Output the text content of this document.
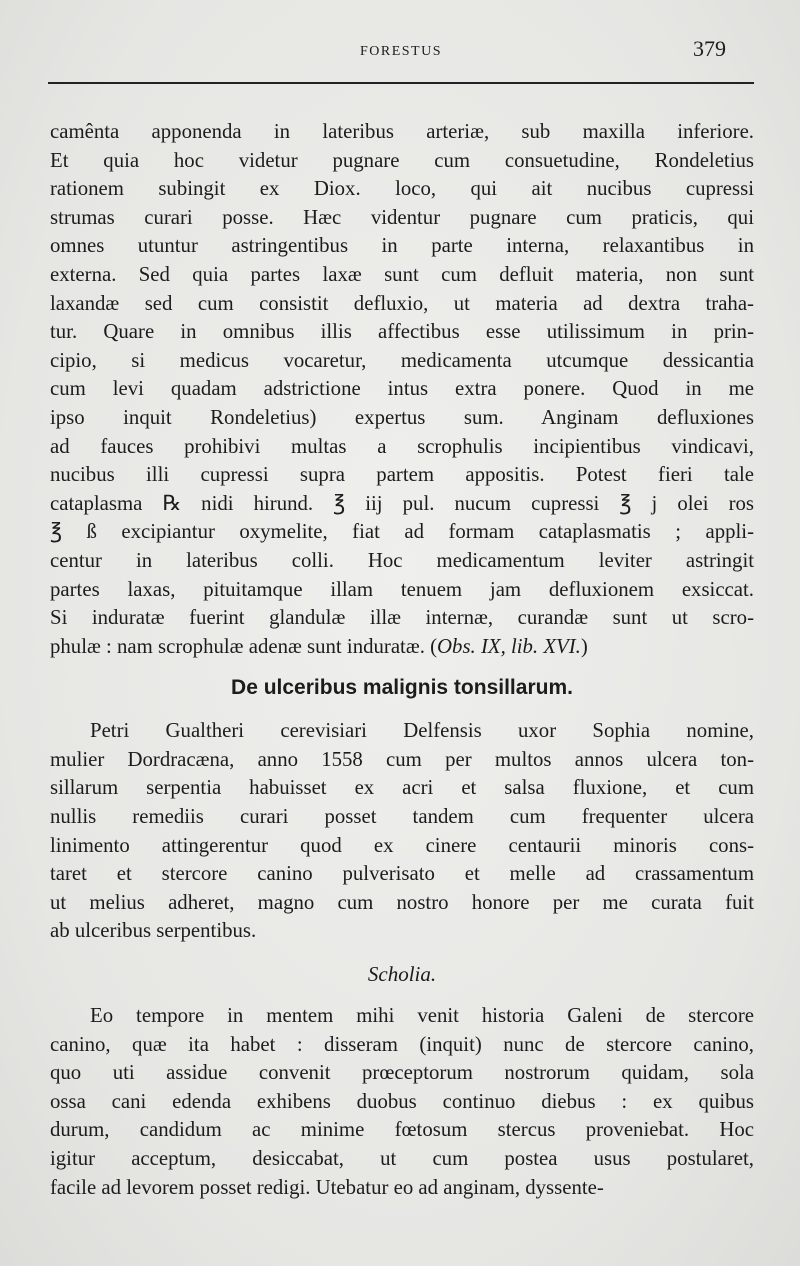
FORESTUS	379

camênta apponenda in lateribus arteriæ, sub maxilla inferiore.
Et quia hoc videtur pugnare cum consuetudine, Rondeletius
rationem subingit ex Diox. loco, qui ait nucibus cupressi
strumas curari posse. Hæc videntur pugnare cum praticis, qui
omnes utuntur astringentibus in parte interna, relaxantibus in
externa. Sed quia partes laxæ sunt cum defluit materia, non sunt
laxandæ sed cum consistit defluxio, ut materia ad dextra traha-
tur. Quare in omnibus illis affectibus esse utilissimum in prin-
cipio, si medicus vocaretur, medicamenta utcumque dessicantia
cum levi quadam adstrictione intus extra ponere. Quod in me
ipso inquit Rondeletius) expertus sum. Anginam defluxiones
ad fauces prohibivi multas a scrophulis incipientibus vindicavi,
nucibus illi cupressi supra partem appositis. Potest fieri tale
cataplasma ℞ nidi hirund. ℥ iij pul. nucum cupressi ℥ j olei ros
℥ ß excipiantur oxymelite, fiat ad formam cataplasmatis ; appli-
centur in lateribus colli. Hoc medicamentum leviter astringit
partes laxas, pituitamque illam tenuem jam defluxionem exsiccat.
Si induratæ fuerint glandulæ illæ internæ, curandæ sunt ut scro-
phulæ : nam scrophulæ adenæ sunt induratæ. (Obs. IX, lib. XVI.)

De ulceribus malignis tonsillarum.

Petri Gualtheri cerevisiari Delfensis uxor Sophia nomine,
mulier Dordracæna, anno 1558 cum per multos annos ulcera ton-
sillarum serpentia habuisset ex acri et salsa fluxione, et cum
nullis remediis curari posset tandem cum frequenter ulcera
linimento attingerentur quod ex cinere centaurii minoris cons-
taret et stercore canino pulverisato et melle ad crassamentum
ut melius adheret, magno cum nostro honore per me curata fuit
ab ulceribus serpentibus.

Scholia.

Eo tempore in mentem mihi venit historia Galeni de stercore
canino, quæ ita habet : disseram (inquit) nunc de stercore canino,
quo uti assidue convenit prœceptorum nostrorum quidam, sola
ossa cani edenda exhibens duobus continuo diebus : ex quibus
durum, candidum ac minime fœtosum stercus proveniebat. Hoc
igitur acceptum, desiccabat, ut cum postea usus postularet,
facile ad levorem posset redigi. Utebatur eo ad anginam, dyssente-
